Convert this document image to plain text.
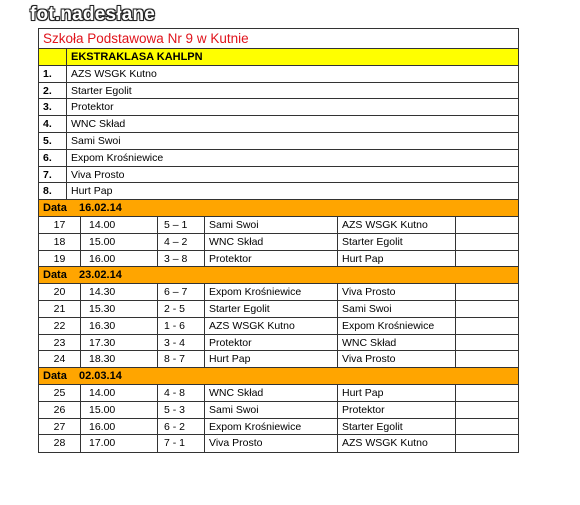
fot.nadesłane
Szkoła Podstawowa Nr 9 w Kutnie
EKSTRAKLASA KAHLPN
1.	AZS WSGK Kutno
2.	Starter Egolit
3.	Protektor
4.	WNC Skład
5.	Sami Swoi
6.	Expom Krośniewice
7.	Viva Prosto
8.	Hurt Pap
Data 16.02.14
17	14.00	5 – 1	Sami Swoi	AZS WSGK Kutno
18	15.00	4 – 2	WNC Skład	Starter Egolit
19	16.00	3 – 8	Protektor	Hurt Pap
Data 23.02.14
20	14.30	6 – 7	Expom Krośniewice	Viva Prosto
21	15.30	2 - 5	Starter Egolit	Sami Swoi
22	16.30	1 - 6	AZS WSGK Kutno	Expom Krośniewice
23	17.30	3 - 4	Protektor	WNC Skład
24	18.30	8 - 7	Hurt Pap	Viva Prosto
Data 02.03.14
25	14.00	4 - 8	WNC Skład	Hurt Pap
26	15.00	5 - 3	Sami Swoi	Protektor
27	16.00	6 - 2	Expom Krośniewice	Starter Egolit
28	17.00	7 - 1	Viva Prosto	AZS WSGK Kutno
